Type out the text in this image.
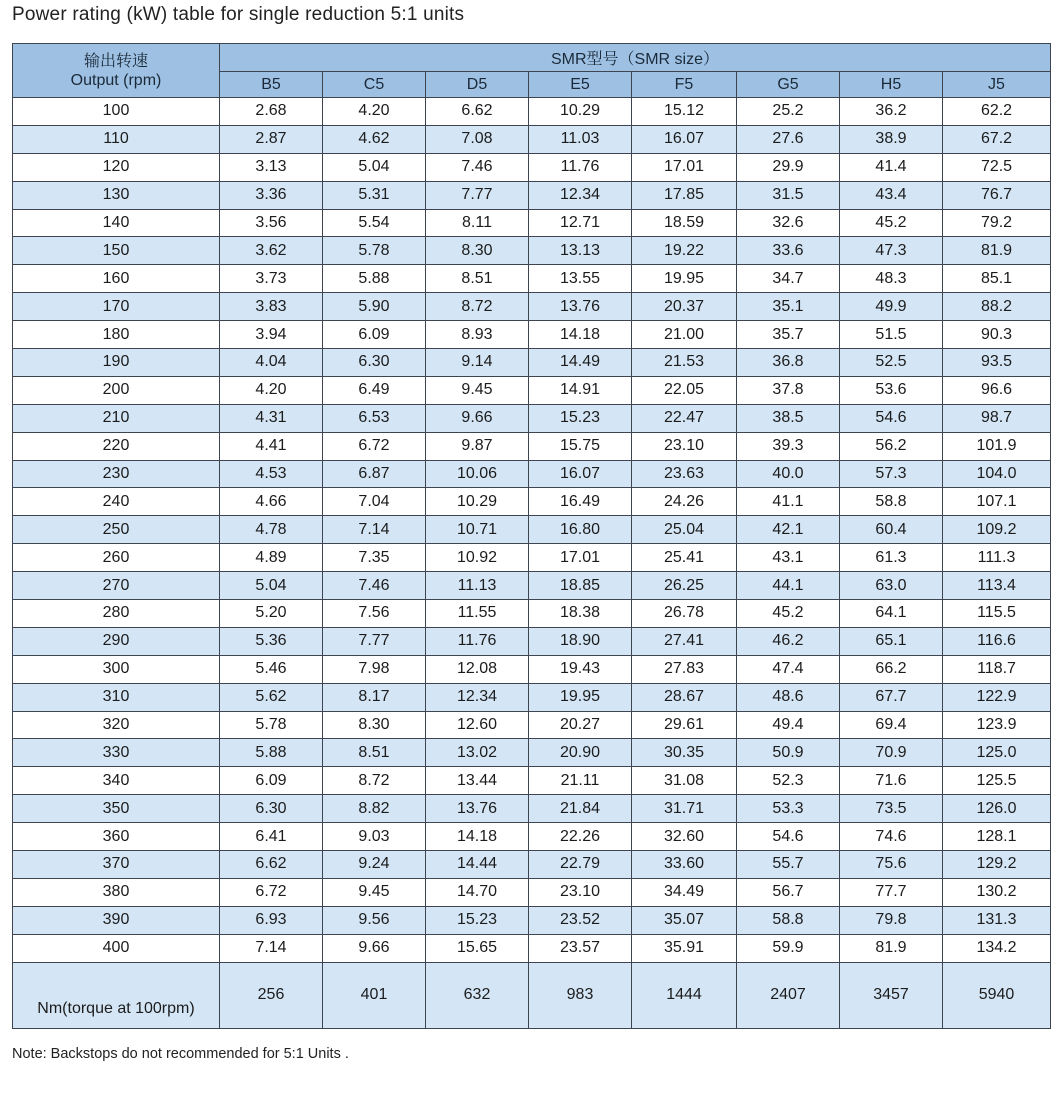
Power rating (kW) table for single reduction 5:1 units
输出转速
Output (rpm)	SMR型号（SMR size）							
	B5	C5	D5	E5	F5	G5	H5	J5
100	2.68	4.20	6.62	10.29	15.12	25.2	36.2	62.2
110	2.87	4.62	7.08	11.03	16.07	27.6	38.9	67.2
120	3.13	5.04	7.46	11.76	17.01	29.9	41.4	72.5
130	3.36	5.31	7.77	12.34	17.85	31.5	43.4	76.7
140	3.56	5.54	8.11	12.71	18.59	32.6	45.2	79.2
150	3.62	5.78	8.30	13.13	19.22	33.6	47.3	81.9
160	3.73	5.88	8.51	13.55	19.95	34.7	48.3	85.1
170	3.83	5.90	8.72	13.76	20.37	35.1	49.9	88.2
180	3.94	6.09	8.93	14.18	21.00	35.7	51.5	90.3
190	4.04	6.30	9.14	14.49	21.53	36.8	52.5	93.5
200	4.20	6.49	9.45	14.91	22.05	37.8	53.6	96.6
210	4.31	6.53	9.66	15.23	22.47	38.5	54.6	98.7
220	4.41	6.72	9.87	15.75	23.10	39.3	56.2	101.9
230	4.53	6.87	10.06	16.07	23.63	40.0	57.3	104.0
240	4.66	7.04	10.29	16.49	24.26	41.1	58.8	107.1
250	4.78	7.14	10.71	16.80	25.04	42.1	60.4	109.2
260	4.89	7.35	10.92	17.01	25.41	43.1	61.3	111.3
270	5.04	7.46	11.13	18.85	26.25	44.1	63.0	113.4
280	5.20	7.56	11.55	18.38	26.78	45.2	64.1	115.5
290	5.36	7.77	11.76	18.90	27.41	46.2	65.1	116.6
300	5.46	7.98	12.08	19.43	27.83	47.4	66.2	118.7
310	5.62	8.17	12.34	19.95	28.67	48.6	67.7	122.9
320	5.78	8.30	12.60	20.27	29.61	49.4	69.4	123.9
330	5.88	8.51	13.02	20.90	30.35	50.9	70.9	125.0
340	6.09	8.72	13.44	21.11	31.08	52.3	71.6	125.5
350	6.30	8.82	13.76	21.84	31.71	53.3	73.5	126.0
360	6.41	9.03	14.18	22.26	32.60	54.6	74.6	128.1
370	6.62	9.24	14.44	22.79	33.60	55.7	75.6	129.2
380	6.72	9.45	14.70	23.10	34.49	56.7	77.7	130.2
390	6.93	9.56	15.23	23.52	35.07	58.8	79.8	131.3
400	7.14	9.66	15.65	23.57	35.91	59.9	81.9	134.2
Nm(torque at 100rpm)	256	401	632	983	1444	2407	3457	5940
Note: Backstops do not recommended for 5:1 Units .
